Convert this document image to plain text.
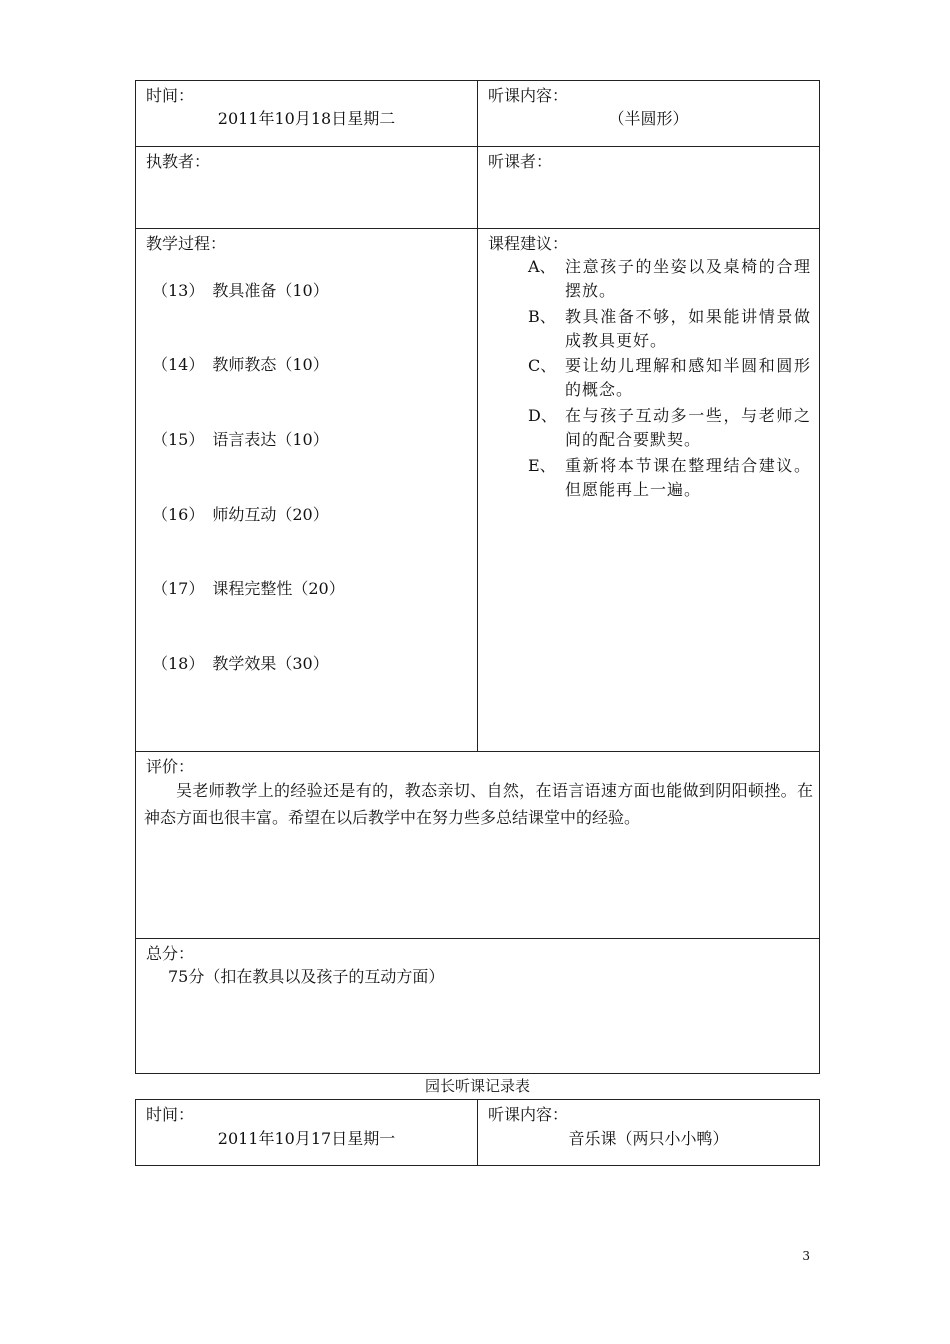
时间：
2011年10月18日星期二
听课内容：
（半圆形）
执教者：	听课者：
教学过程：
（13）　教具准备（10）
（14）　教师教态（10）
（15）　语言表达（10）
（16）　师幼互动（20）
（17）　课程完整性（20）
（18）　教学效果（30）
课程建议：
A、 注意孩子的坐姿以及桌椅的合理摆放。
B、 教具准备不够，如果能讲情景做成教具更好。
C、 要让幼儿理解和感知半圆和圆形的概念。
D、 在与孩子互动多一些，与老师之间的配合要默契。
E、 重新将本节课在整理结合建议。但愿能再上一遍。
评价：
吴老师教学上的经验还是有的，教态亲切、自然，在语言语速方面也能做到阴阳顿挫。在神态方面也很丰富。希望在以后教学中在努力些多总结课堂中的经验。
总分：
75分（扣在教具以及孩子的互动方面）
园长听课记录表
时间：
2011年10月17日星期一
听课内容：
音乐课（两只小小鸭）
3
